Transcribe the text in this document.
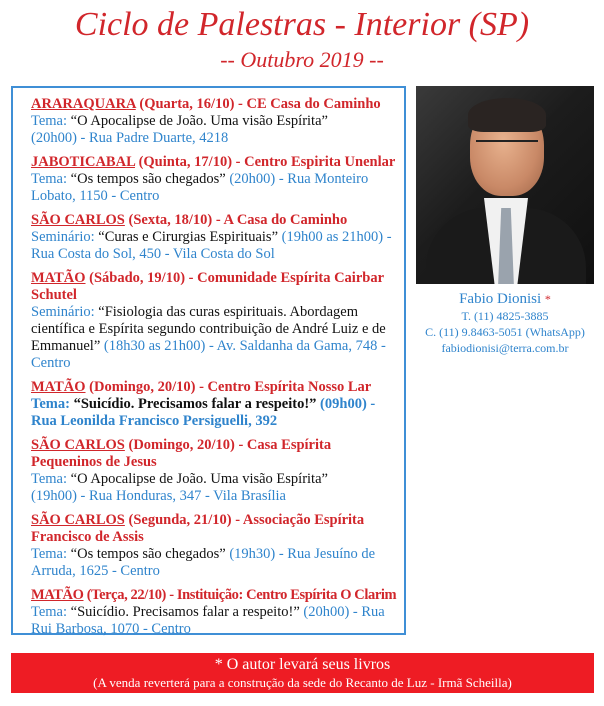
Ciclo de Palestras - Interior (SP)
-- Outubro 2019 --
ARARAQUARA (Quarta, 16/10) - CE Casa do Caminho
Tema: “O Apocalipse de João. Uma visão Espírita”
(20h00) - Rua Padre Duarte, 4218
JABOTICABAL (Quinta, 17/10) - Centro Espirita Unenlar
Tema: “Os tempos são chegados” (20h00) - Rua Monteiro Lobato, 1150 - Centro
SÃO CARLOS (Sexta, 18/10) - A Casa do Caminho
Seminário: “Curas e Cirurgias Espirituais” (19h00 as 21h00) - Rua Costa do Sol, 450 - Vila Costa do Sol
MATÃO (Sábado, 19/10) - Comunidade Espírita Cairbar Schutel
Seminário: “Fisiologia das curas espirituais. Abordagem científica e Espírita segundo contribuição de André Luiz e de Emmanuel” (18h30 as 21h00) - Av. Saldanha da Gama, 748 - Centro
MATÃO (Domingo, 20/10) - Centro Espírita Nosso Lar
Tema: “Suicídio. Precisamos falar a respeito!” (09h00) - Rua Leonilda Francisco Persiguelli, 392
SÃO CARLOS (Domingo, 20/10) - Casa Espírita Pequeninos de Jesus
Tema: “O Apocalipse de João. Uma visão Espírita”
(19h00) - Rua Honduras, 347 - Vila Brasília
SÃO CARLOS (Segunda, 21/10) - Associação Espírita Francisco de Assis
Tema: “Os tempos são chegados” (19h30) - Rua Jesuíno de Arruda, 1625 - Centro
MATÃO (Terça, 22/10) - Instituição: Centro Espírita O Clarim
Tema: “Suicídio. Precisamos falar a respeito!” (20h00) - Rua Rui Barbosa, 1070 - Centro
Fabio Dionisi *
T. (11) 4825-3885
C. (11) 9.8463-5051 (WhatsApp)
fabiodionisi@terra.com.br
* O autor levará seus livros
(A venda reverterá para a construção da sede do Recanto de Luz - Irmã Scheilla)
